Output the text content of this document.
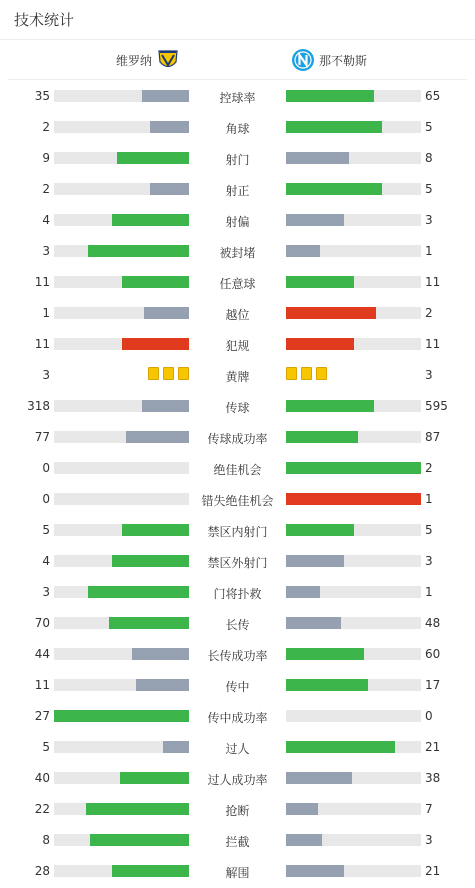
技术统计
维罗纳	那不勒斯
35	控球率	65
2	角球	5
9	射门	8
2	射正	5
4	射偏	3
3	被封堵	1
11	任意球	11
1	越位	2
11	犯规	11
3	黄牌	3
318	传球	595
77	传球成功率	87
0	绝佳机会	2
0	错失绝佳机会	1
5	禁区内射门	5
4	禁区外射门	3
3	门将扑救	1
70	长传	48
44	长传成功率	60
11	传中	17
27	传中成功率	0
5	过人	21
40	过人成功率	38
22	抢断	7
8	拦截	3
28	解围	21
